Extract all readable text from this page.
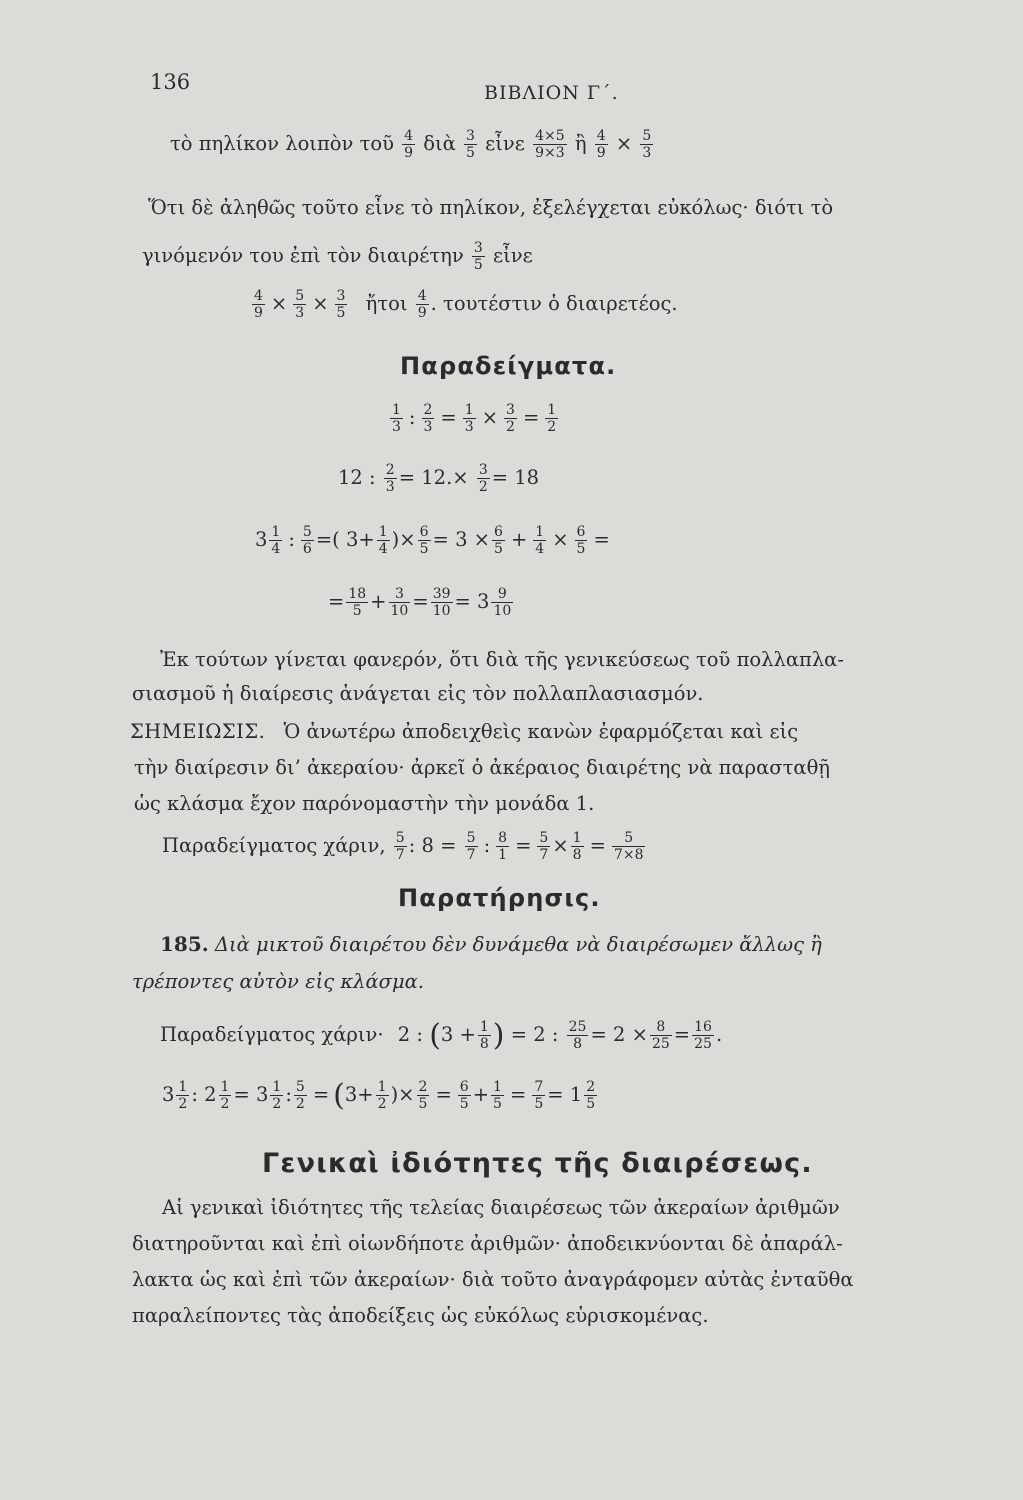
136	ΒΙΒΛΙΟΝ Γ΄.
τὸ πηλίκον λοιπὸν τοῦ $\frac{4}{9}$ διὰ $\frac{3}{5}$ εἶνε $\frac{4\times 5}{9\times 3}$ ἢ $\frac{4}{9} \times \frac{5}{3}$
Ὅτι δὲ ἀληθῶς τοῦτο εἶνε τὸ πηλίκον, ἐξελέγχεται εὐκόλως· διότι τὸ
γινόμενόν του ἐπὶ τὸν διαιρέτην $\frac{3}{5}$ εἶνε
$\frac{4}{9} \times \frac{5}{3} \times \frac{3}{5}$ ἤτοι $\frac{4}{9}$ . τουτέστιν ὁ διαιρετέος.
Παραδείγματα.
$\frac{1}{3}$ : $\frac{2}{3} = \frac{1}{3} \times \frac{3}{2} = \frac{1}{2}$
12 : $\frac{2}{3} = 12.\times \frac{3}{2} = 18$
$3 \frac{1}{4}$ : $\frac{5}{6}$ =( $3+ \frac{1}{4}$ )× $\frac{6}{5} = 3 \times \frac{6}{5} + \frac{1}{4} \times \frac{6}{5}$ =
= $\frac{18}{5} + \frac{3}{10} = \frac{39}{10} = 3 \frac{9}{10}$
Ἐκ τούτων γίνεται φανερόν, ὅτι διὰ τῆς γενικεύσεως τοῦ πολλαπλα-
σιασμοῦ ἡ διαίρεσις ἀνάγεται εἰς τὸν πολλαπλασιασμόν.
ΣΗΜΕΙΩΣΙΣ. Ὁ ἀνωτέρω ἀποδειχθεὶς κανὼν ἐφαρμόζεται καὶ εἰς
τὴν διαίρεσιν δι’ ἀκεραίου· ἀρκεῖ ὁ ἀκέραιος διαιρέτης νὰ παρασταθῇ
ὡς κλάσμα ἔχον παρόνομαστὴν τὴν μονάδα 1.
Παραδείγματος χάριν, $\frac{5}{7}$ : $8 = \frac{5}{7}$ : $\frac{8}{1} = \frac{5}{7} \times \frac{1}{8} = \frac{5}{7\times 8}$
Παρατήρησις.
185. Διὰ μικτοῦ διαιρέτου δὲν δυνάμεθα νὰ διαιρέσωμεν ἄλλως ἢ
τρέποντες αὐτὸν εἰς κλάσμα.
Παραδείγματος χάριν· 2 : ($3 + \frac{1}{8}$ ) = 2 : $\frac{25}{8} = 2 \times \frac{8}{25} = \frac{16}{25}$ .
$3 \frac{1}{2}$ : $2 \frac{1}{2} = 3 \frac{1}{2}$ : $\frac{5}{2} = (3+ \frac{1}{2}$ )× $\frac{2}{5} = \frac{6}{5} + \frac{1}{5} = \frac{7}{5} = 1 \frac{2}{5}$
Γενικαὶ ἰδιότητες τῆς διαιρέσεως.
Αἱ γενικαὶ ἰδιότητες τῆς τελείας διαιρέσεως τῶν ἀκεραίων ἀριθμῶν
διατηροῦνται καὶ ἐπὶ οἱωνδήποτε ἀριθμῶν· ἀποδεικνύονται δὲ ἀπαράλ-
λακτα ὡς καὶ ἐπὶ τῶν ἀκεραίων· διὰ τοῦτο ἀναγράφομεν αὐτὰς ἐνταῦθα
παραλείποντες τὰς ἀποδείξεις ὡς εὐκόλως εὑρισκομένας.
